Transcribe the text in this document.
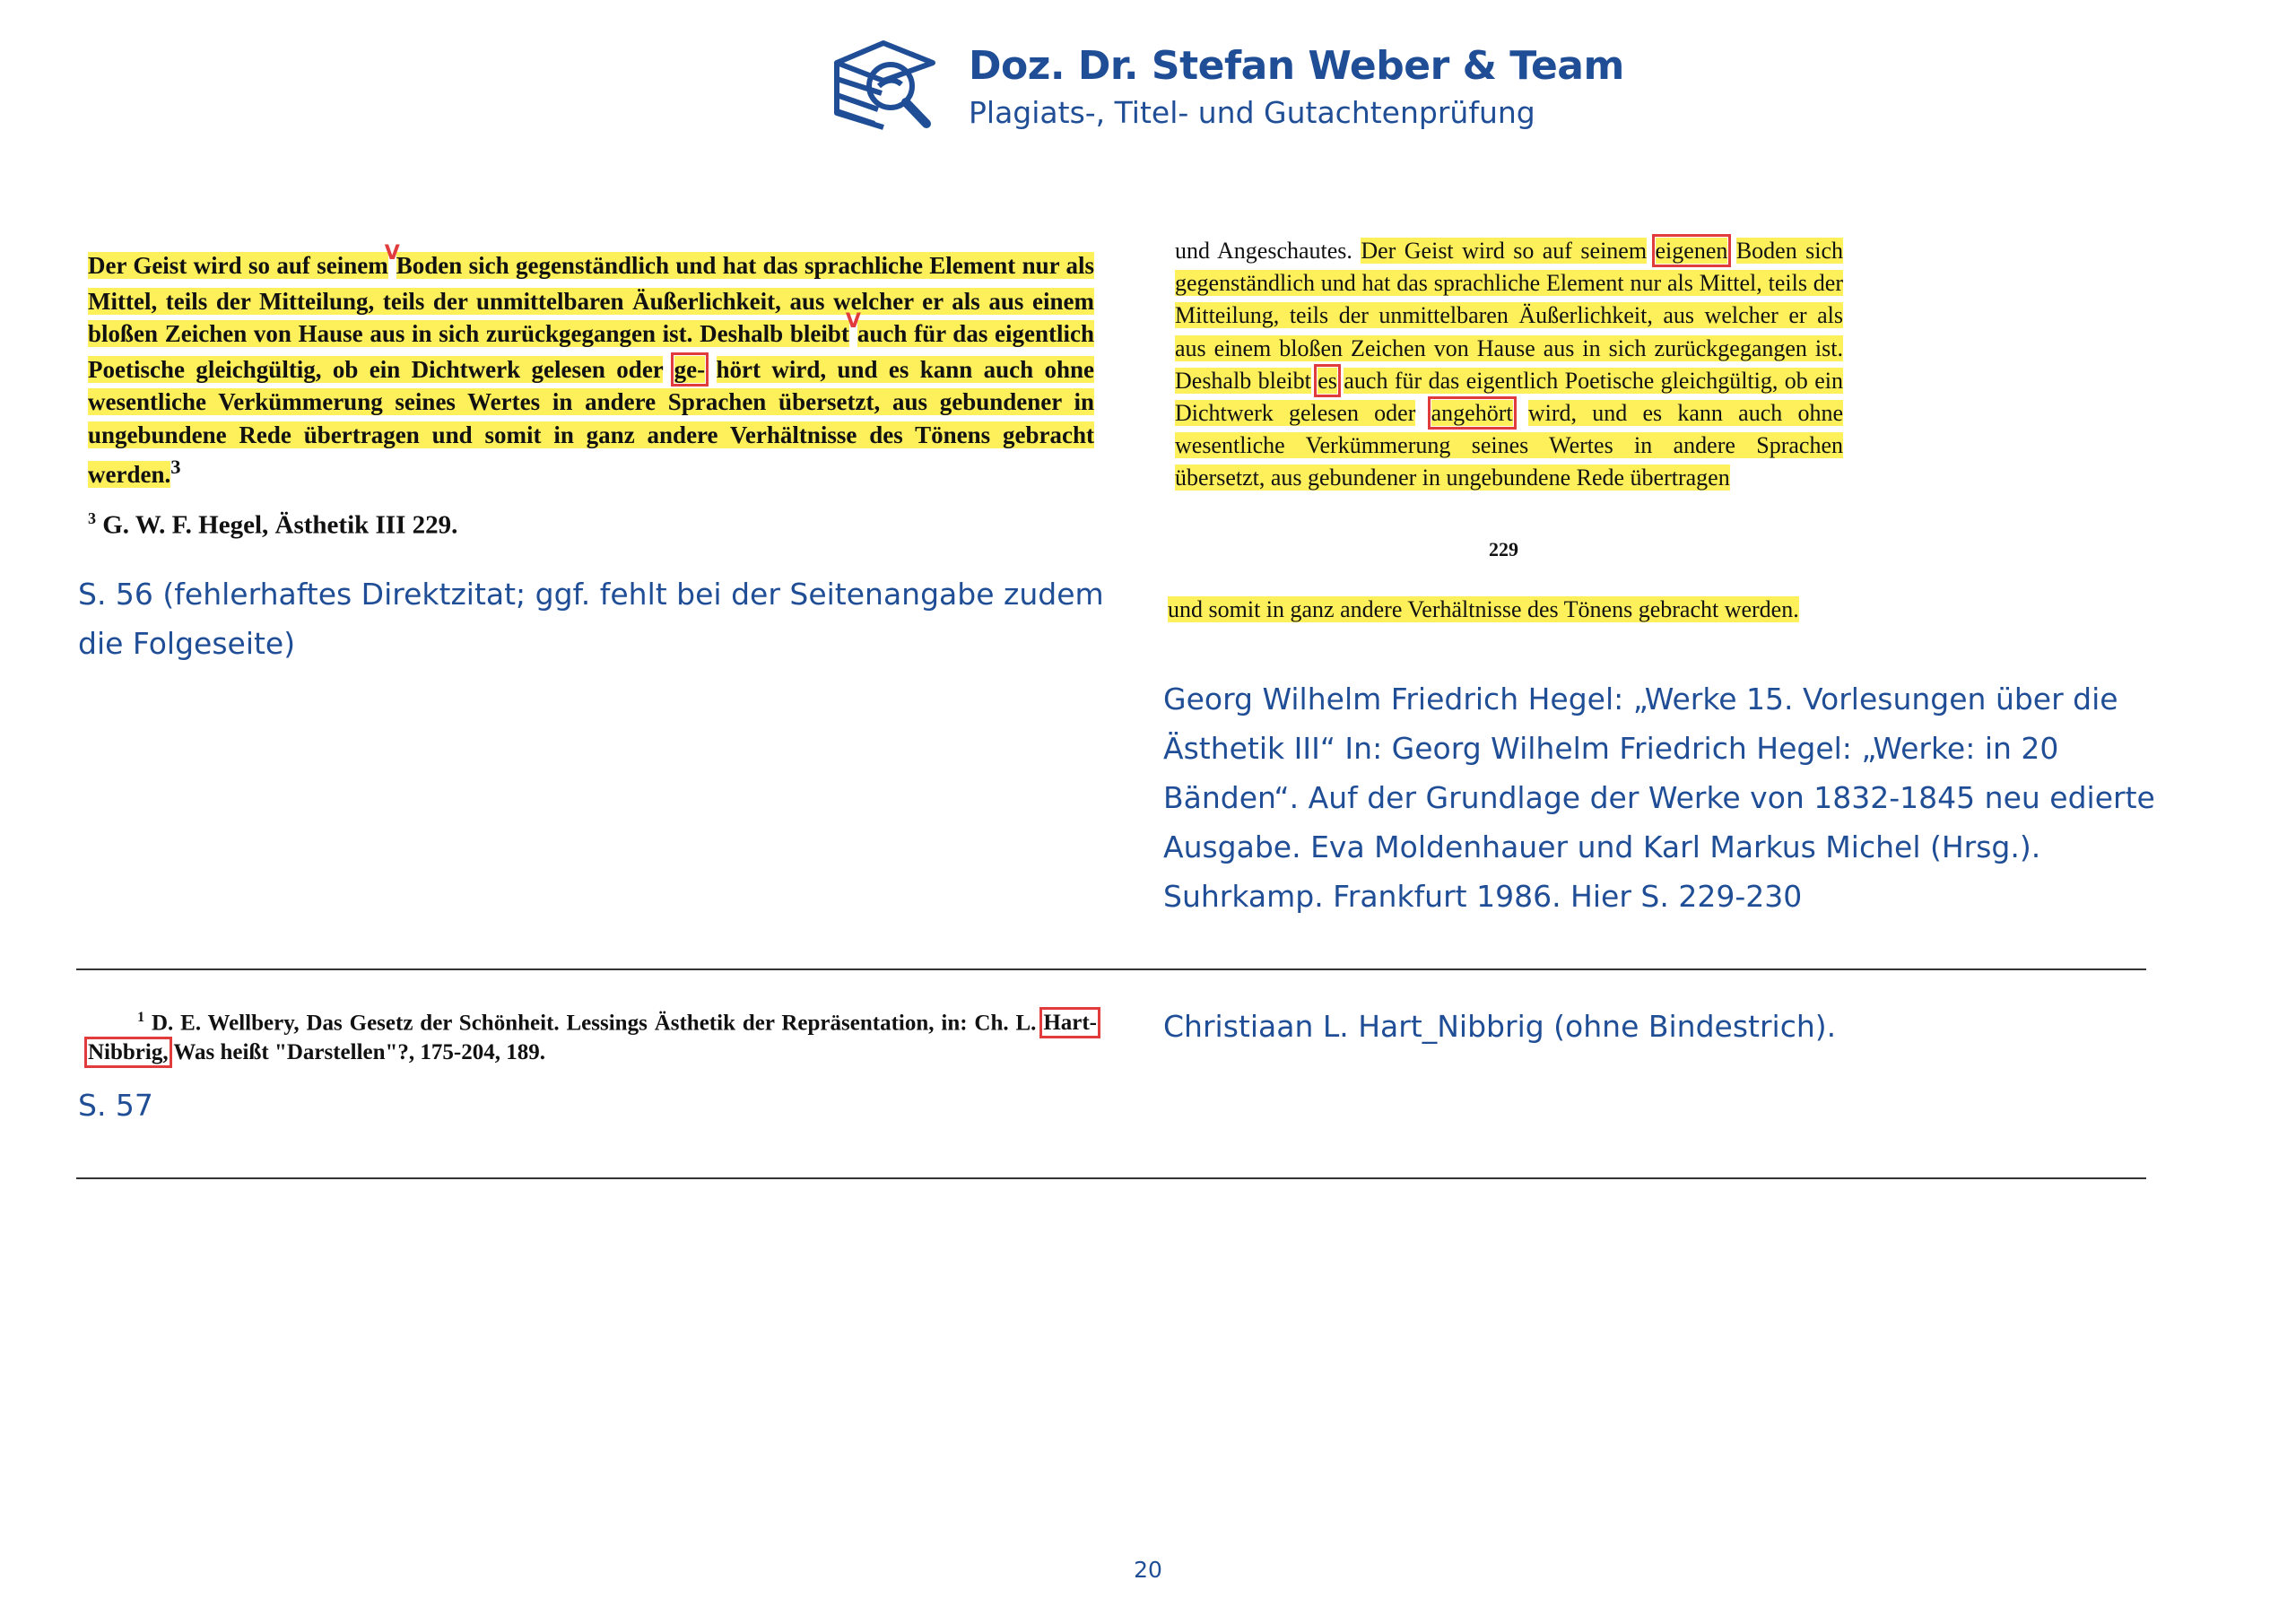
Doz. Dr. Stefan Weber & Team
Plagiats-, Titel- und Gutachtenprüfung
Der Geist wird so auf seinem$^V$Boden sich gegenständlich und hat das sprachliche Element nur als Mittel, teils der Mitteilung, teils der unmittelbaren Äußerlichkeit, aus welcher er als aus einem bloßen Zeichen von Hause aus in sich zurückgegangen ist. Deshalb bleibt$^V$auch für das eigentlich Poetische gleichgültig, ob ein Dichtwerk gelesen oder ge- hört wird, und es kann auch ohne wesentliche Verkümmerung seines Wertes in andere Sprachen übersetzt, aus gebundener in ungebundene Rede übertragen und somit in ganz andere Verhältnisse des Tönens gebracht werden.$^3$
$^3$ G. W. F. Hegel, Ästhetik III 229.
S. 56 (fehlerhaftes Direktzitat; ggf. fehlt bei der Seitenangabe zudem die Folgeseite)
und Angeschautes. Der Geist wird so auf seinem eigenen Boden sich gegenständlich und hat das sprachliche Element nur als Mittel, teils der Mitteilung, teils der unmittelbaren Äußerlichkeit, aus welcher er als aus einem bloßen Zeichen von Hause aus in sich zurückgegangen ist. Deshalb bleibt es auch für das eigentlich Poetische gleichgültig, ob ein Dichtwerk gelesen oder angehört wird, und es kann auch ohne wesentliche Verkümmerung seines Wertes in andere Sprachen übersetzt, aus gebundener in ungebundene Rede übertragen
229
und somit in ganz andere Verhältnisse des Tönens gebracht werden.
Georg Wilhelm Friedrich Hegel: „Werke 15. Vorlesungen über die Ästhetik III“ In: Georg Wilhelm Friedrich Hegel: „Werke: in 20 Bänden“. Auf der Grundlage der Werke von 1832-1845 neu edierte Ausgabe. Eva Moldenhauer und Karl Markus Michel (Hrsg.). Suhrkamp. Frankfurt 1986. Hier S. 229-230
$^1$ D. E. Wellbery, Das Gesetz der Schönheit. Lessings Ästhetik der Repräsentation, in: Ch. L. Hart-Nibbrig, Was heißt "Darstellen"?, 175-204, 189.
Christiaan L. Hart_Nibbrig (ohne Bindestrich).
S. 57
20
